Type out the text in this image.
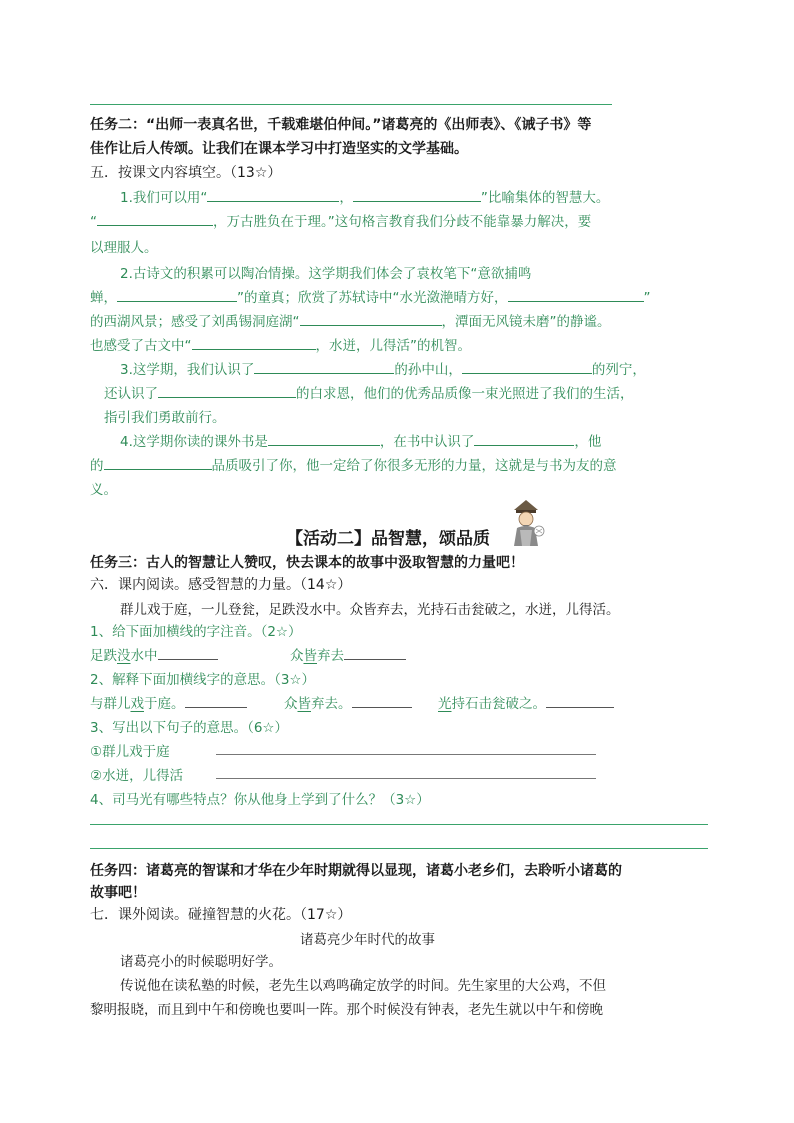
任务二：“出师一表真名世，千载难堪伯仲间。”诸葛亮的《出师表》、《诫子书》等
佳作让后人传颂。让我们在课本学习中打造坚实的文学基础。
五．按课文内容填空。（13☆）
1.我们可以用“	，	”比喻集体的智慧大。
“	，万古胜负在于理。”这句格言教育我们分歧不能靠暴力解决，要
以理服人。
2.古诗文的积累可以陶冶情操。这学期我们体会了袁枚笔下“意欲捕鸣
蝉，	”的童真；欣赏了苏轼诗中“水光潋滟晴方好，	”
的西湖风景；感受了刘禹锡洞庭湖“	，潭面无风镜未磨”的静谧。
也感受了古文中“	，水迸，儿得活”的机智。
3.这学期，我们认识了	的孙中山，	的列宁，
还认识了	的白求恩，他们的优秀品质像一束光照进了我们的生活，
指引我们勇敢前行。
4.这学期你读的课外书是	，在书中认识了	，他
的	品质吸引了你，他一定给了你很多无形的力量，这就是与书为友的意
义。
【活动二】品智慧，颂品质
任务三：古人的智慧让人赞叹，快去课本的故事中汲取智慧的力量吧！
六．课内阅读。感受智慧的力量。（14☆）
群儿戏于庭，一儿登瓮，足跌没水中。众皆弃去，光持石击瓮破之，水迸，儿得活。
1、给下面加横线的字注音。（2☆）
足跌没水中	众皆弃去
2、解释下面加横线字的意思。（3☆）
与群儿戏于庭。	众皆弃去。	光持石击瓮破之。
3、写出以下句子的意思。（6☆）
①群儿戏于庭
②水迸，儿得活
4、司马光有哪些特点？你从他身上学到了什么？（3☆）
任务四：诸葛亮的智谋和才华在少年时期就得以显现，诸葛小老乡们，去聆听小诸葛的
故事吧！
七．课外阅读。碰撞智慧的火花。（17☆）
诸葛亮少年时代的故事
诸葛亮小的时候聪明好学。
传说他在读私塾的时候，老先生以鸡鸣确定放学的时间。先生家里的大公鸡，不但
黎明报晓，而且到中午和傍晚也要叫一阵。那个时候没有钟表，老先生就以中午和傍晚
